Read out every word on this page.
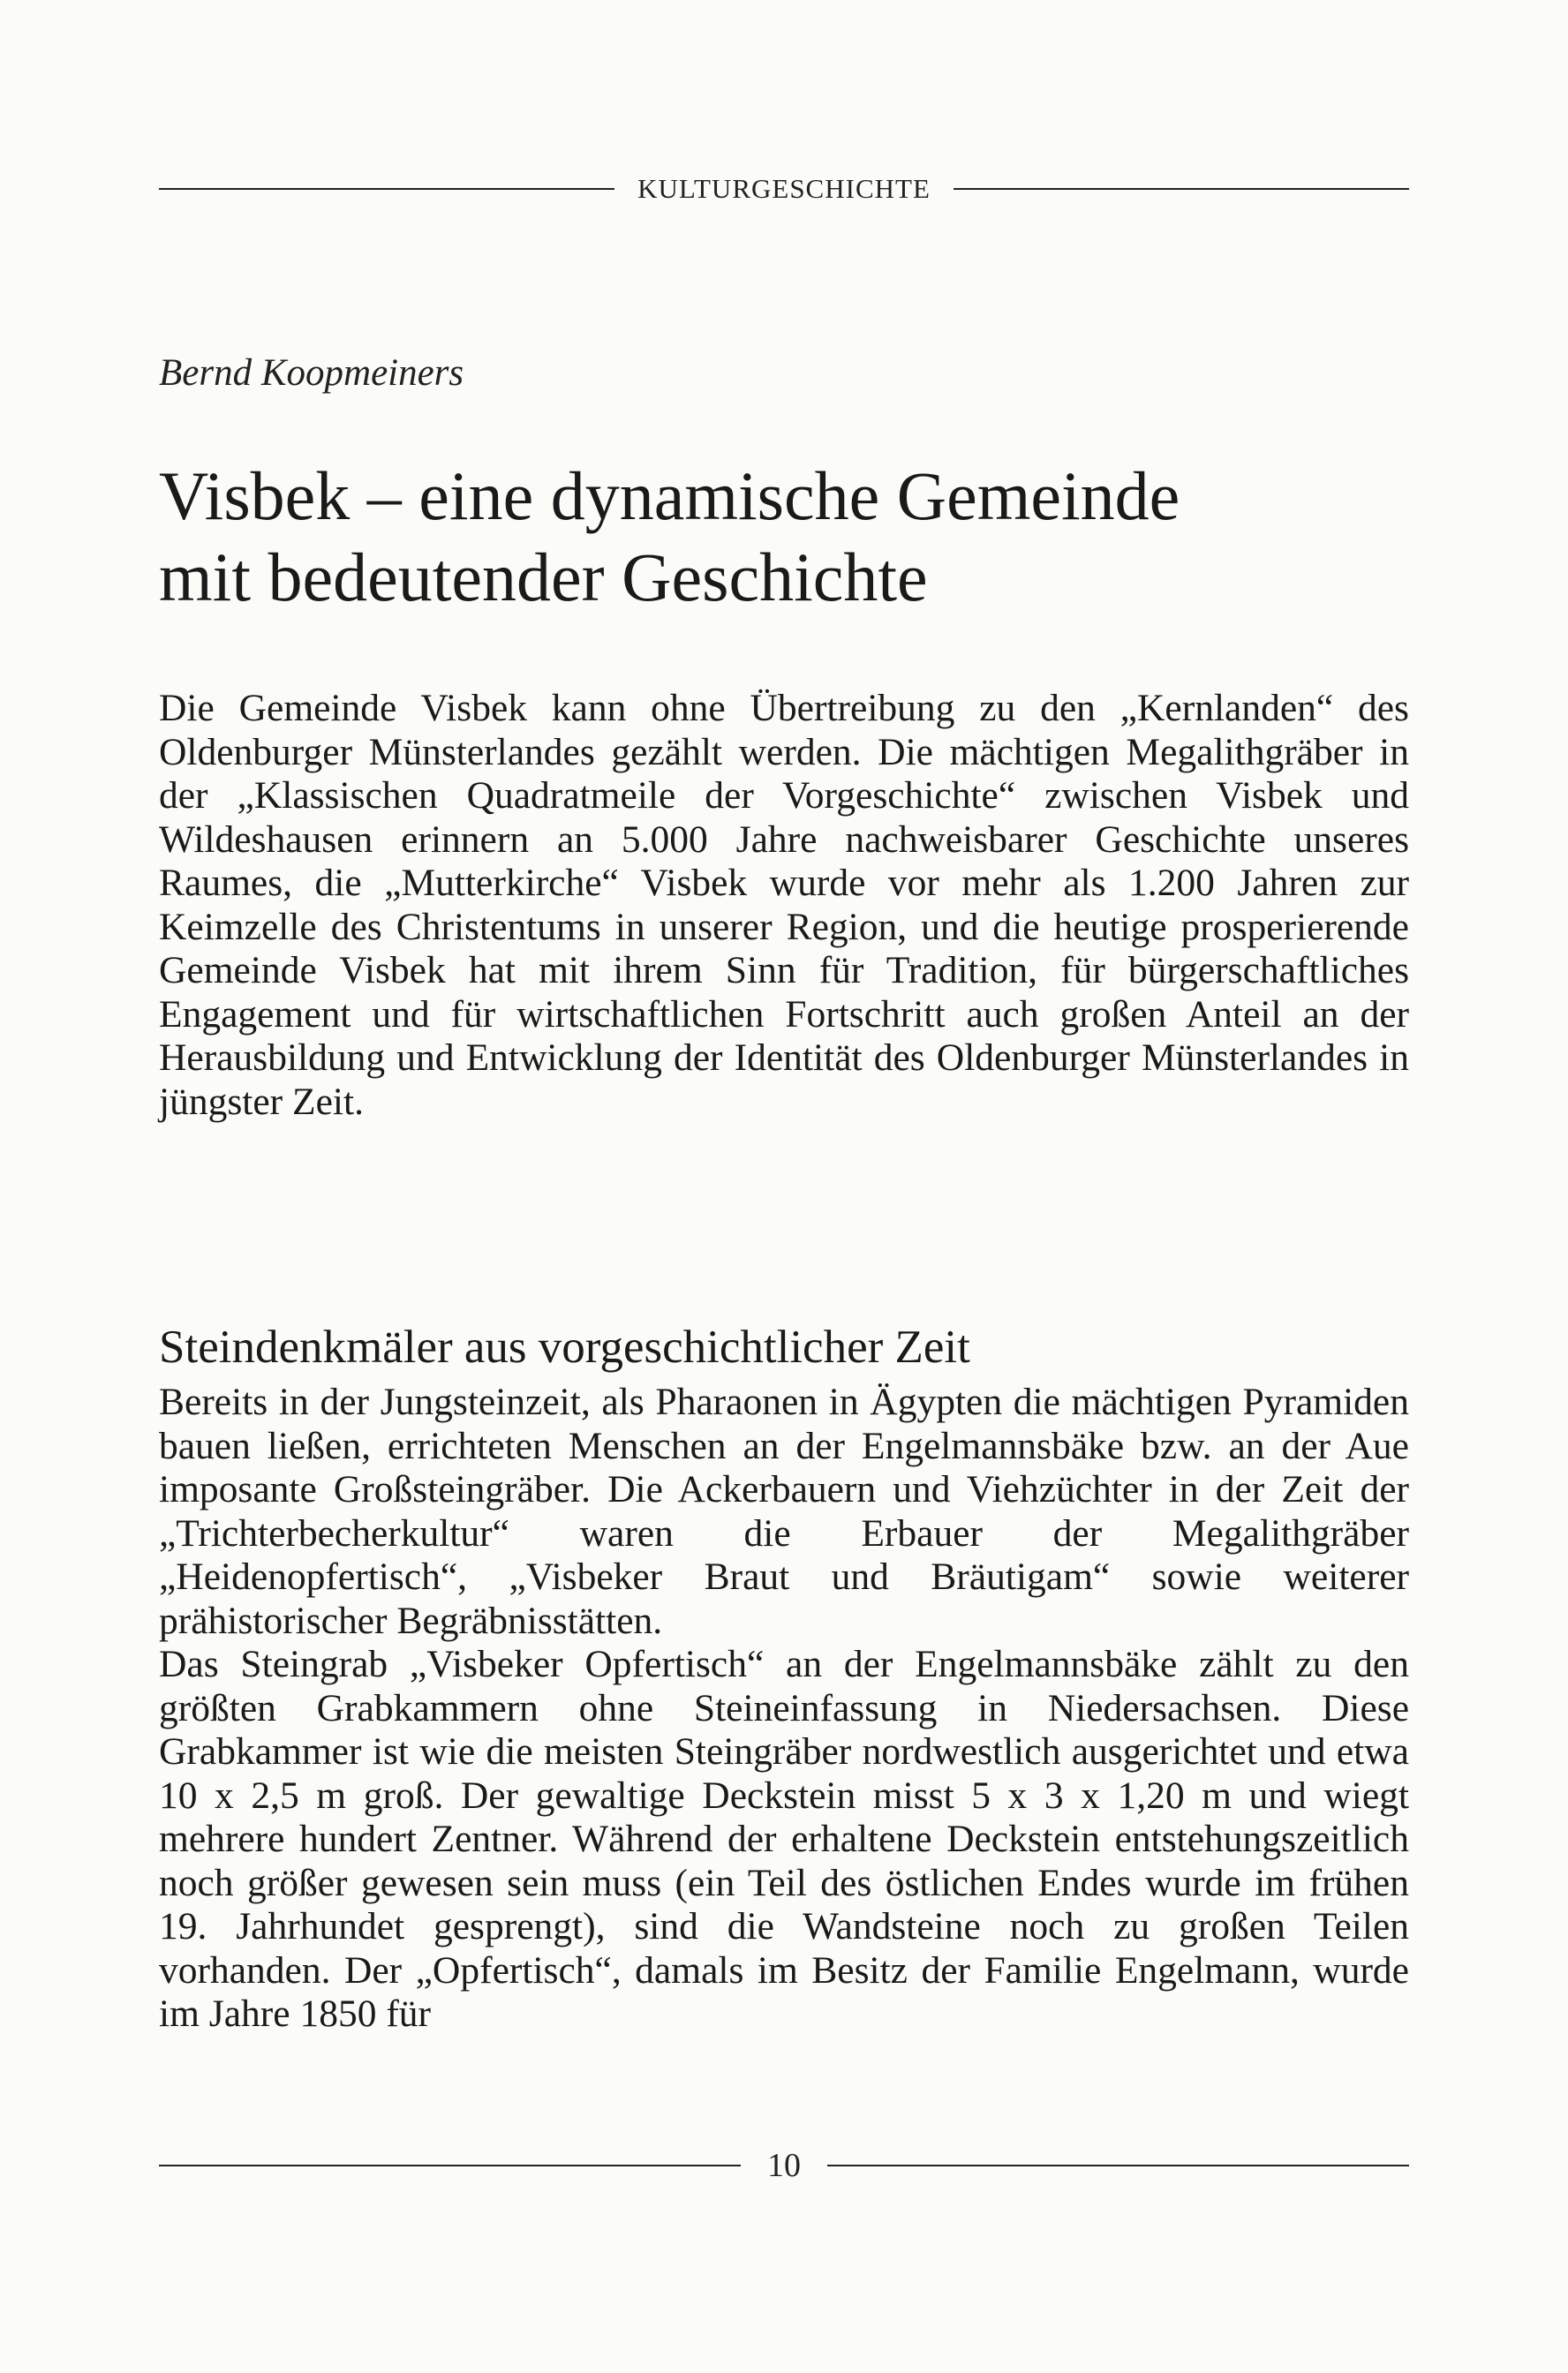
KULTURGESCHICHTE
Bernd Koopmeiners
Visbek – eine dynamische Gemeinde
mit bedeutender Geschichte

Die Gemeinde Visbek kann ohne Übertreibung zu den „Kernlanden“ des Oldenburger Münsterlandes gezählt werden. Die mächtigen Megalithgräber in der „Klassischen Quadratmeile der Vorgeschichte“ zwischen Visbek und Wildeshausen erinnern an 5.000 Jahre nachweisbarer Geschichte unseres Raumes, die „Mutterkirche“ Visbek wurde vor mehr als 1.200 Jahren zur Keimzelle des Christentums in unserer Region, und die heutige prosperierende Gemeinde Visbek hat mit ihrem Sinn für Tradition, für bürgerschaftliches Engagement und für wirtschaftlichen Fortschritt auch großen Anteil an der Herausbildung und Entwicklung der Identität des Oldenburger Münsterlandes in jüngster Zeit.

Steindenkmäler aus vorgeschichtlicher Zeit

Bereits in der Jungsteinzeit, als Pharaonen in Ägypten die mächtigen Pyramiden bauen ließen, errichteten Menschen an der Engelmannsbäke bzw. an der Aue imposante Großsteingräber. Die Ackerbauern und Viehzüchter in der Zeit der „Trichterbecherkultur“ waren die Erbauer der Megalithgräber „Heidenopfertisch“, „Visbeker Braut und Bräutigam“ sowie weiterer prähistorischer Begräbnisstätten.

Das Steingrab „Visbeker Opfertisch“ an der Engelmannsbäke zählt zu den größten Grabkammern ohne Steineinfassung in Niedersachsen. Diese Grabkammer ist wie die meisten Steingräber nordwestlich ausgerichtet und etwa 10 x 2,5 m groß. Der gewaltige Deckstein misst 5 x 3 x 1,20 m und wiegt mehrere hundert Zentner. Während der erhaltene Deckstein entstehungszeitlich noch größer gewesen sein muss (ein Teil des östlichen Endes wurde im frühen 19. Jahrhundet gesprengt), sind die Wandsteine noch zu großen Teilen vorhanden. Der „Opfertisch“, damals im Besitz der Familie Engelmann, wurde im Jahre 1850 für

10
